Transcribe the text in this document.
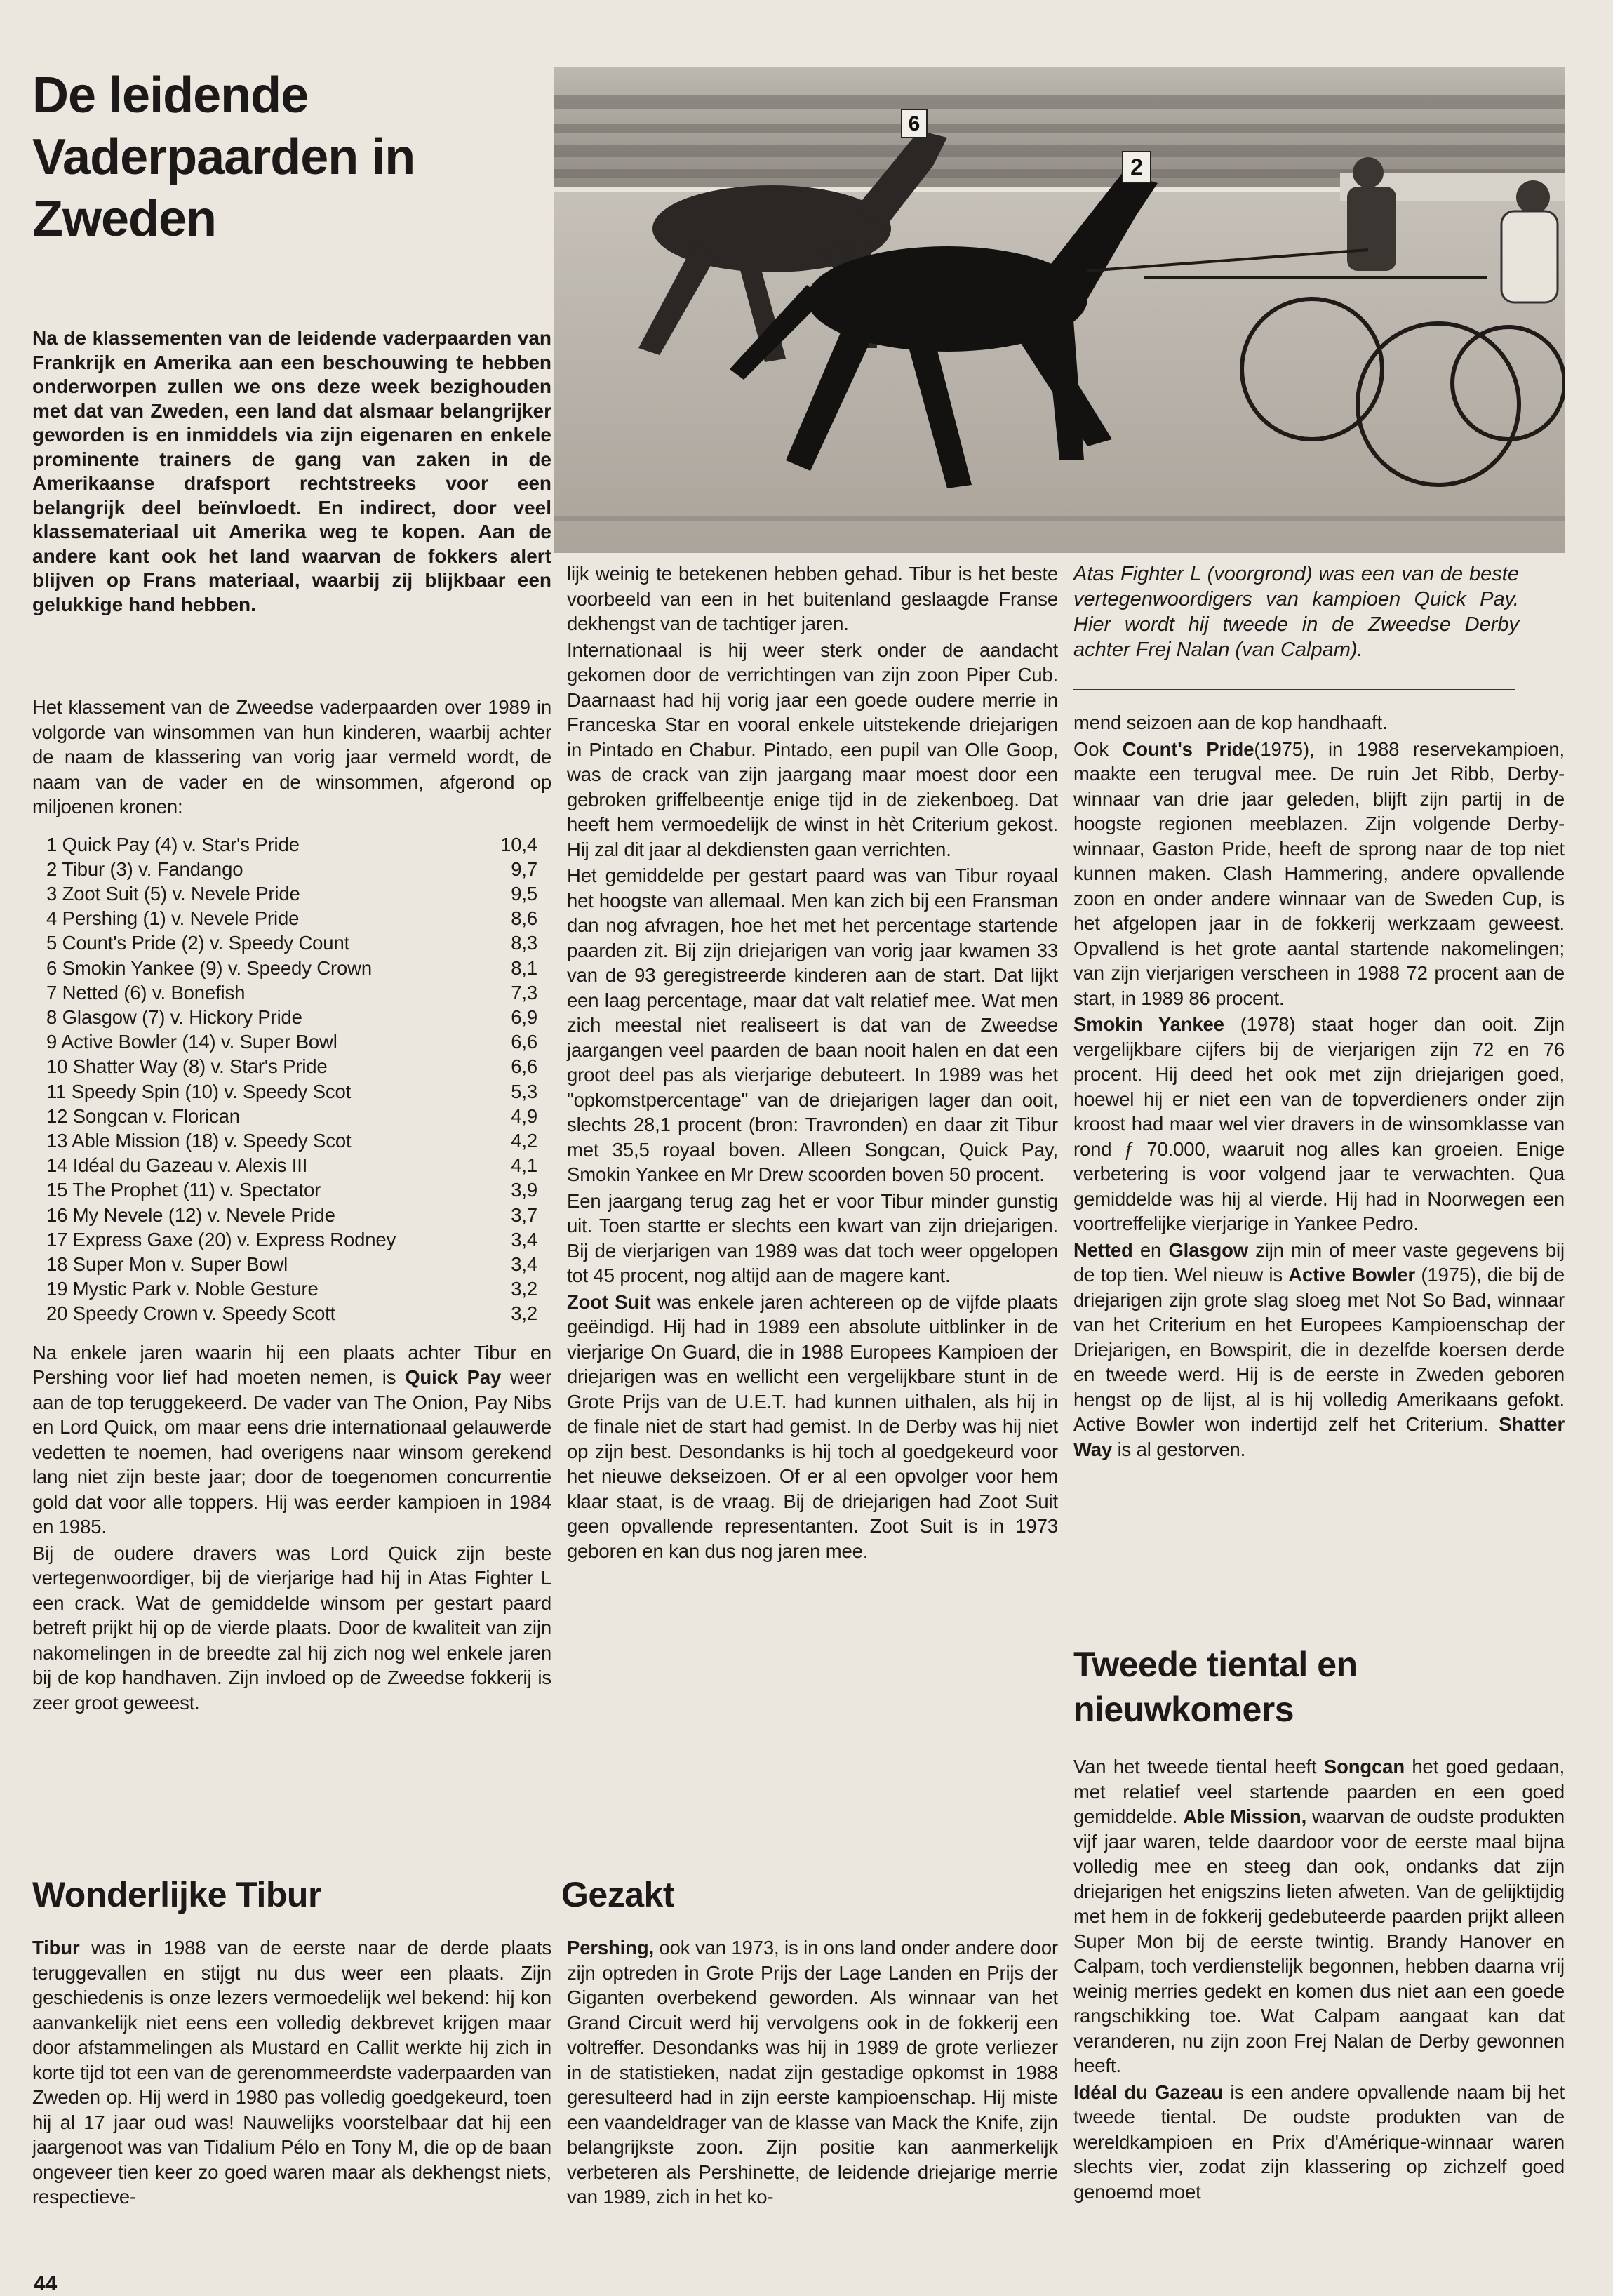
De leidende Vaderpaarden in Zweden

Na de klassementen van de leidende vaderpaarden van Frankrijk en Amerika aan een beschouwing te hebben onderworpen zullen we ons deze week bezighouden met dat van Zweden, een land dat alsmaar belangrijker geworden is en inmiddels via zijn eigenaren en enkele prominente trainers de gang van zaken in de Amerikaanse drafsport rechtstreeks voor een belangrijk deel beïnvloedt. En indirect, door veel klassemateriaal uit Amerika weg te kopen. Aan de andere kant ook het land waarvan de fokkers alert blijven op Frans materiaal, waarbij zij blijkbaar een gelukkige hand hebben.

6
2

Atas Fighter L (voorgrond) was een van de beste vertegenwoordigers van kampioen Quick Pay. Hier wordt hij tweede in de Zweedse Derby achter Frej Nalan (van Calpam).

Het klassement van de Zweedse vaderpaarden over 1989 in volgorde van winsommen van hun kinderen, waarbij achter de naam de klassering van vorig jaar vermeld wordt, de naam van de vader en de winsommen, afgerond op miljoenen kronen:

1 Quick Pay (4) v. Star's Pride	10,4
2 Tibur (3) v. Fandango	9,7
3 Zoot Suit (5) v. Nevele Pride	9,5
4 Pershing (1) v. Nevele Pride	8,6
5 Count's Pride (2) v. Speedy Count	8,3
6 Smokin Yankee (9) v. Speedy Crown	8,1
7 Netted (6) v. Bonefish	7,3
8 Glasgow (7) v. Hickory Pride	6,9
9 Active Bowler (14) v. Super Bowl	6,6
10 Shatter Way (8) v. Star's Pride	6,6
11 Speedy Spin (10) v. Speedy Scot	5,3
12 Songcan v. Florican	4,9
13 Able Mission (18) v. Speedy Scot	4,2
14 Idéal du Gazeau v. Alexis III	4,1
15 The Prophet (11) v. Spectator	3,9
16 My Nevele (12) v. Nevele Pride	3,7
17 Express Gaxe (20) v. Express Rodney	3,4
18 Super Mon v. Super Bowl	3,4
19 Mystic Park v. Noble Gesture	3,2
20 Speedy Crown v. Speedy Scott	3,2

Na enkele jaren waarin hij een plaats achter Tibur en Pershing voor lief had moeten nemen, is Quick Pay weer aan de top teruggekeerd. De vader van The Onion, Pay Nibs en Lord Quick, om maar eens drie internationaal gelauwerde vedetten te noemen, had overigens naar winsom gerekend lang niet zijn beste jaar; door de toegenomen concurrentie gold dat voor alle toppers. Hij was eerder kampioen in 1984 en 1985.

Bij de oudere dravers was Lord Quick zijn beste vertegenwoordiger, bij de vierjarige had hij in Atas Fighter L een crack. Wat de gemiddelde winsom per gestart paard betreft prijkt hij op de vierde plaats. Door de kwaliteit van zijn nakomelingen in de breedte zal hij zich nog wel enkele jaren bij de kop handhaven. Zijn invloed op de Zweedse fokkerij is zeer groot geweest.

Wonderlijke Tibur

Tibur was in 1988 van de eerste naar de derde plaats teruggevallen en stijgt nu dus weer een plaats. Zijn geschiedenis is onze lezers vermoedelijk wel bekend: hij kon aanvankelijk niet eens een volledig dekbrevet krijgen maar door afstammelingen als Mustard en Callit werkte hij zich in korte tijd tot een van de gerenommeerdste vaderpaarden van Zweden op. Hij werd in 1980 pas volledig goedgekeurd, toen hij al 17 jaar oud was! Nauwelijks voorstelbaar dat hij een jaargenoot was van Tidalium Pélo en Tony M, die op de baan ongeveer tien keer zo goed waren maar als dekhengst niets, respectieve-

lijk weinig te betekenen hebben gehad. Tibur is het beste voorbeeld van een in het buitenland geslaagde Franse dekhengst van de tachtiger jaren.

Internationaal is hij weer sterk onder de aandacht gekomen door de verrichtingen van zijn zoon Piper Cub. Daarnaast had hij vorig jaar een goede oudere merrie in Franceska Star en vooral enkele uitstekende driejarigen in Pintado en Chabur. Pintado, een pupil van Olle Goop, was de crack van zijn jaargang maar moest door een gebroken griffelbeentje enige tijd in de ziekenboeg. Dat heeft hem vermoedelijk de winst in hèt Criterium gekost. Hij zal dit jaar al dekdiensten gaan verrichten.

Het gemiddelde per gestart paard was van Tibur royaal het hoogste van allemaal. Men kan zich bij een Fransman dan nog afvragen, hoe het met het percentage startende paarden zit. Bij zijn driejarigen van vorig jaar kwamen 33 van de 93 geregistreerde kinderen aan de start. Dat lijkt een laag percentage, maar dat valt relatief mee. Wat men zich meestal niet realiseert is dat van de Zweedse jaargangen veel paarden de baan nooit halen en dat een groot deel pas als vierjarige debuteert. In 1989 was het "opkomstpercentage" van de driejarigen lager dan ooit, slechts 28,1 procent (bron: Travronden) en daar zit Tibur met 35,5 royaal boven. Alleen Songcan, Quick Pay, Smokin Yankee en Mr Drew scoorden boven 50 procent.

Een jaargang terug zag het er voor Tibur minder gunstig uit. Toen startte er slechts een kwart van zijn driejarigen. Bij de vierjarigen van 1989 was dat toch weer opgelopen tot 45 procent, nog altijd aan de magere kant.

Zoot Suit was enkele jaren achtereen op de vijfde plaats geëindigd. Hij had in 1989 een absolute uitblinker in de vierjarige On Guard, die in 1988 Europees Kampioen der driejarigen was en wellicht een vergelijkbare stunt in de Grote Prijs van de U.E.T. had kunnen uithalen, als hij in de finale niet de start had gemist. In de Derby was hij niet op zijn best. Desondanks is hij toch al goedgekeurd voor het nieuwe dekseizoen. Of er al een opvolger voor hem klaar staat, is de vraag. Bij de driejarigen had Zoot Suit geen opvallende representanten. Zoot Suit is in 1973 geboren en kan dus nog jaren mee.

Gezakt

Pershing, ook van 1973, is in ons land onder andere door zijn optreden in Grote Prijs der Lage Landen en Prijs der Giganten overbekend geworden. Als winnaar van het Grand Circuit werd hij vervolgens ook in de fokkerij een voltreffer. Desondanks was hij in 1989 de grote verliezer in de statistieken, nadat zijn gestadige opkomst in 1988 geresulteerd had in zijn eerste kampioenschap. Hij miste een vaandeldrager van de klasse van Mack the Knife, zijn belangrijkste zoon. Zijn positie kan aanmerkelijk verbeteren als Pershinette, de leidende driejarige merrie van 1989, zich in het ko-

mend seizoen aan de kop handhaaft.

Ook Count's Pride(1975), in 1988 reservekampioen, maakte een terugval mee. De ruin Jet Ribb, Derby-winnaar van drie jaar geleden, blijft zijn partij in de hoogste regionen meeblazen. Zijn volgende Derby-winnaar, Gaston Pride, heeft de sprong naar de top niet kunnen maken. Clash Hammering, andere opvallende zoon en onder andere winnaar van de Sweden Cup, is het afgelopen jaar in de fokkerij werkzaam geweest. Opvallend is het grote aantal startende nakomelingen; van zijn vierjarigen verscheen in 1988 72 procent aan de start, in 1989 86 procent.

Smokin Yankee (1978) staat hoger dan ooit. Zijn vergelijkbare cijfers bij de vierjarigen zijn 72 en 76 procent. Hij deed het ook met zijn driejarigen goed, hoewel hij er niet een van de topverdieners onder zijn kroost had maar wel vier dravers in de winsomklasse van rond ƒ 70.000, waaruit nog alles kan groeien. Enige verbetering is voor volgend jaar te verwachten. Qua gemiddelde was hij al vierde. Hij had in Noorwegen een voortreffelijke vierjarige in Yankee Pedro.

Netted en Glasgow zijn min of meer vaste gegevens bij de top tien. Wel nieuw is Active Bowler (1975), die bij de driejarigen zijn grote slag sloeg met Not So Bad, winnaar van het Criterium en het Europees Kampioenschap der Driejarigen, en Bowspirit, die in dezelfde koersen derde en tweede werd. Hij is de eerste in Zweden geboren hengst op de lijst, al is hij volledig Amerikaans gefokt. Active Bowler won indertijd zelf het Criterium. Shatter Way is al gestorven.

Tweede tiental en nieuwkomers

Van het tweede tiental heeft Songcan het goed gedaan, met relatief veel startende paarden en een goed gemiddelde. Able Mission, waarvan de oudste produkten vijf jaar waren, telde daardoor voor de eerste maal bijna volledig mee en steeg dan ook, ondanks dat zijn driejarigen het enigszins lieten afweten. Van de gelijktijdig met hem in de fokkerij gedebuteerde paarden prijkt alleen Super Mon bij de eerste twintig. Brandy Hanover en Calpam, toch verdienstelijk begonnen, hebben daarna vrij weinig merries gedekt en komen dus niet aan een goede rangschikking toe. Wat Calpam aangaat kan dat veranderen, nu zijn zoon Frej Nalan de Derby gewonnen heeft.

Idéal du Gazeau is een andere opvallende naam bij het tweede tiental. De oudste produkten van de wereldkampioen en Prix d'Amérique-winnaar waren slechts vier, zodat zijn klassering op zichzelf goed genoemd moet

44
